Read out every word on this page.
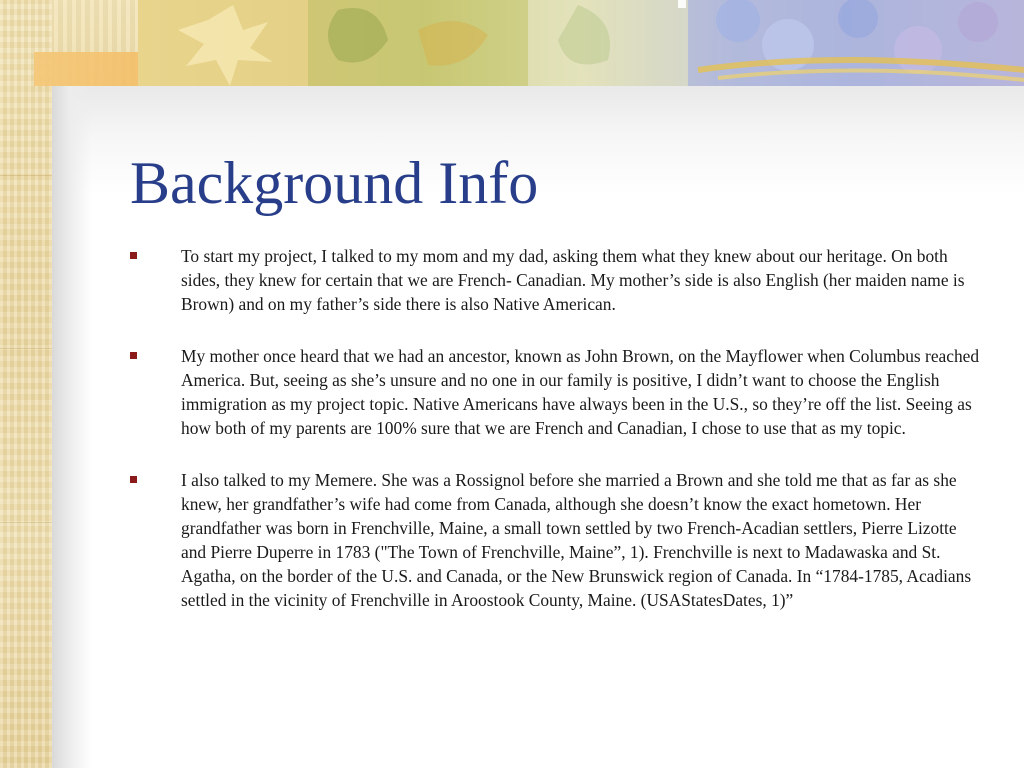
Background Info
To start my project, I talked to my mom and my dad, asking them what they knew about our heritage. On both sides, they knew for certain that we are French- Canadian. My mother’s side is also English (her maiden name is Brown) and on my father’s side there is also Native American.
My mother once heard that we had an ancestor, known as John Brown, on the Mayflower when Columbus reached America. But, seeing as she’s unsure and no one in our family is positive, I didn’t want to choose the English immigration as my project topic. Native Americans have always been in the U.S., so they’re off the list. Seeing as how both of my parents are 100% sure that we are French and Canadian, I chose to use that as my topic.
I also talked to my Memere. She was a Rossignol before she married a Brown and she told me that as far as she knew, her grandfather’s wife had come from Canada, although she doesn’t know the exact hometown. Her grandfather was born in Frenchville, Maine, a small town settled by two French-Acadian settlers, Pierre Lizotte and Pierre Duperre in 1783 ("The Town of Frenchville, Maine”, 1). Frenchville is next to Madawaska and St. Agatha, on the border of the U.S. and Canada, or the New Brunswick region of Canada. In “1784-1785, Acadians settled in the vicinity of Frenchville in Aroostook County, Maine. (USAStatesDates, 1)”
